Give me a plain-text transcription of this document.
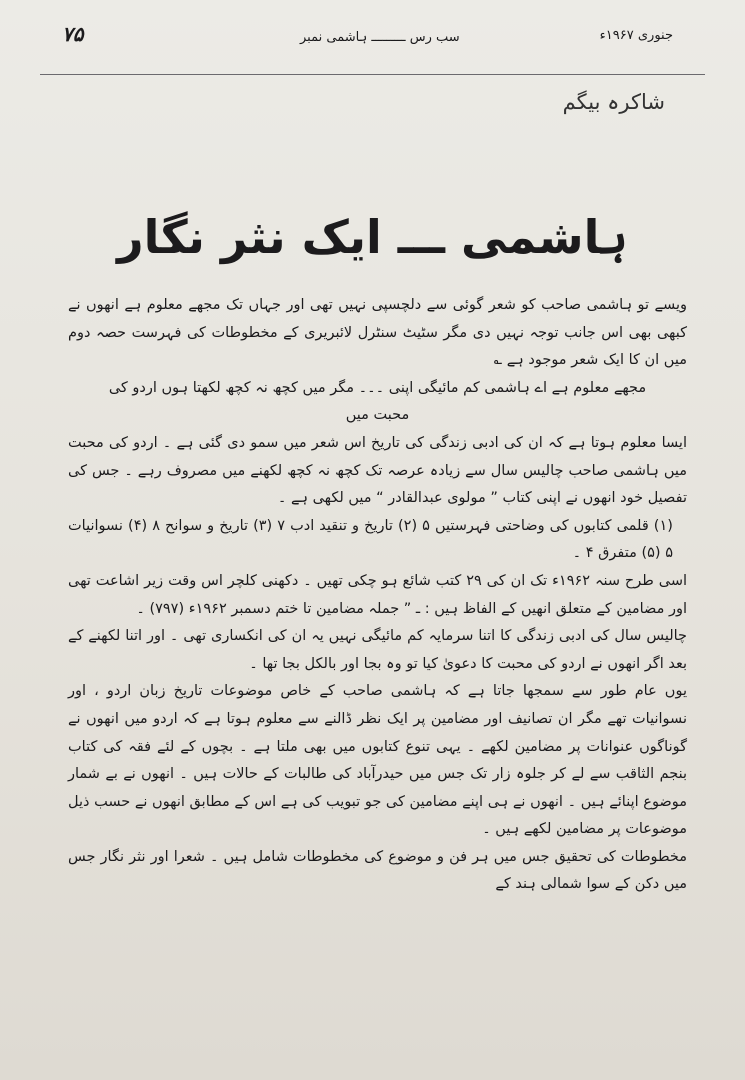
۷۵	سب رس ـــــــــ ہاشمی نمبر	جنوری ۱۹۶۷ء
شاکرہ بیگم
ہاشمی ـــ ایک نثر نگار

ویسے تو ہاشمی صاحب کو شعر گوئی سے دلچسپی نہیں تھی اور جہاں تک مجھے معلوم ہے انھوں نے کبھی بھی اس جانب توجہ نہیں دی مگر سٹیٹ سنٹرل لائبریری کے مخطوطات کی فہرست حصہ دوم میں ان کا ایک شعر موجود ہے ؎

مجھے معلوم ہے اے ہاشمی کم مائیگی اپنی ۔۔۔ مگر میں کچھ نہ کچھ لکھتا ہوں اردو کی محبت میں

ایسا معلوم ہوتا ہے کہ ان کی ادبی زندگی کی تاریخ اس شعر میں سمو دی گئی ہے ۔ اردو کی محبت میں ہاشمی صاحب چالیس سال سے زیادہ عرصہ تک کچھ نہ کچھ لکھنے میں مصروف رہے ۔ جس کی تفصیل خود انھوں نے اپنی کتاب ” مولوی عبدالقادر “ میں لکھی ہے ۔

(۱) قلمی کتابوں کی وضاحتی فہرستیں ۵ (۲) تاریخ و تنقید ادب ۷ (۳) تاریخ و سوانح ۸ (۴) نسوانیات ۵ (۵) متفرق ۴ ۔

اسی طرح سنہ ۱۹۶۲ء تک ان کی ۲۹ کتب شائع ہو چکی تھیں ۔ دکھنی کلچر اس وقت زیر اشاعت تھی اور مضامین کے متعلق انھیں کے الفاظ ہیں : ـ ” جملہ مضامین تا ختم دسمبر ۱۹۶۲ء (۷۹۷) ۔

چالیس سال کی ادبی زندگی کا اتنا سرمایہ کم مائیگی نہیں یہ ان کی انکساری تھی ۔ اور اتنا لکھنے کے بعد اگر انھوں نے اردو کی محبت کا دعویٰ کیا تو وہ بجا اور بالکل بجا تھا ۔

یوں عام طور سے سمجھا جاتا ہے کہ ہاشمی صاحب کے خاص موضوعات تاریخ زبان اردو ، اور نسوانیات تھے مگر ان تصانیف اور مضامین پر ایک نظر ڈالنے سے معلوم ہوتا ہے کہ اردو میں انھوں نے گوناگوں عنوانات پر مضامین لکھے ۔ یہی تنوع کتابوں میں بھی ملتا ہے ۔ بچوں کے لئے فقہ کی کتاب بنجم الثاقب سے لے کر جلوہ زار تک جس میں حیدرآباد کی طالبات کے حالات ہیں ۔ انھوں نے بے شمار موضوع اپنائے ہیں ۔ انھوں نے ہی اپنے مضامین کی جو تبویب کی ہے اس کے مطابق انھوں نے حسب ذیل موضوعات پر مضامین لکھے ہیں ۔

مخطوطات کی تحقیق جس میں ہر فن و موضوع کی مخطوطات شامل ہیں ۔ شعرا اور نثر نگار جس میں دکن کے سوا شمالی ہند کے
